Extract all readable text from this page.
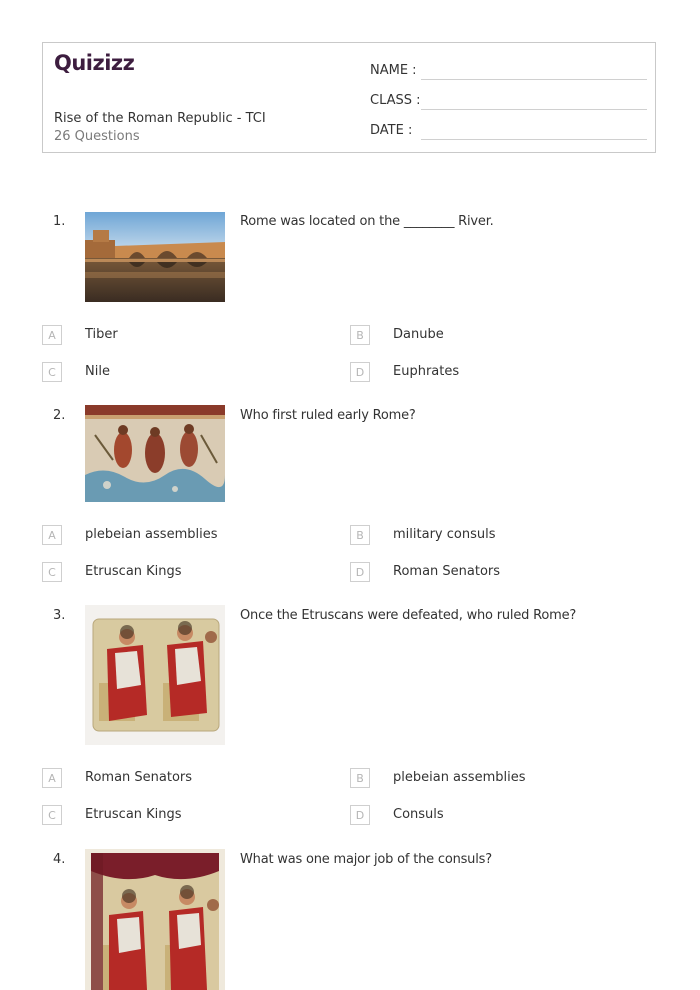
Quizizz
Rise of the Roman Republic - TCI
26 Questions
NAME :
CLASS :
DATE :
1.	Rome was located on the ________ River.
A	Tiber	B	Danube
C	Nile	D	Euphrates
2.	Who first ruled early Rome?
A	plebeian assemblies	B	military consuls
C	Etruscan Kings	D	Roman Senators
3.	Once the Etruscans were defeated, who ruled Rome?
A	Roman Senators	B	plebeian assemblies
C	Etruscan Kings	D	Consuls
4.	What was one major job of the consuls?
